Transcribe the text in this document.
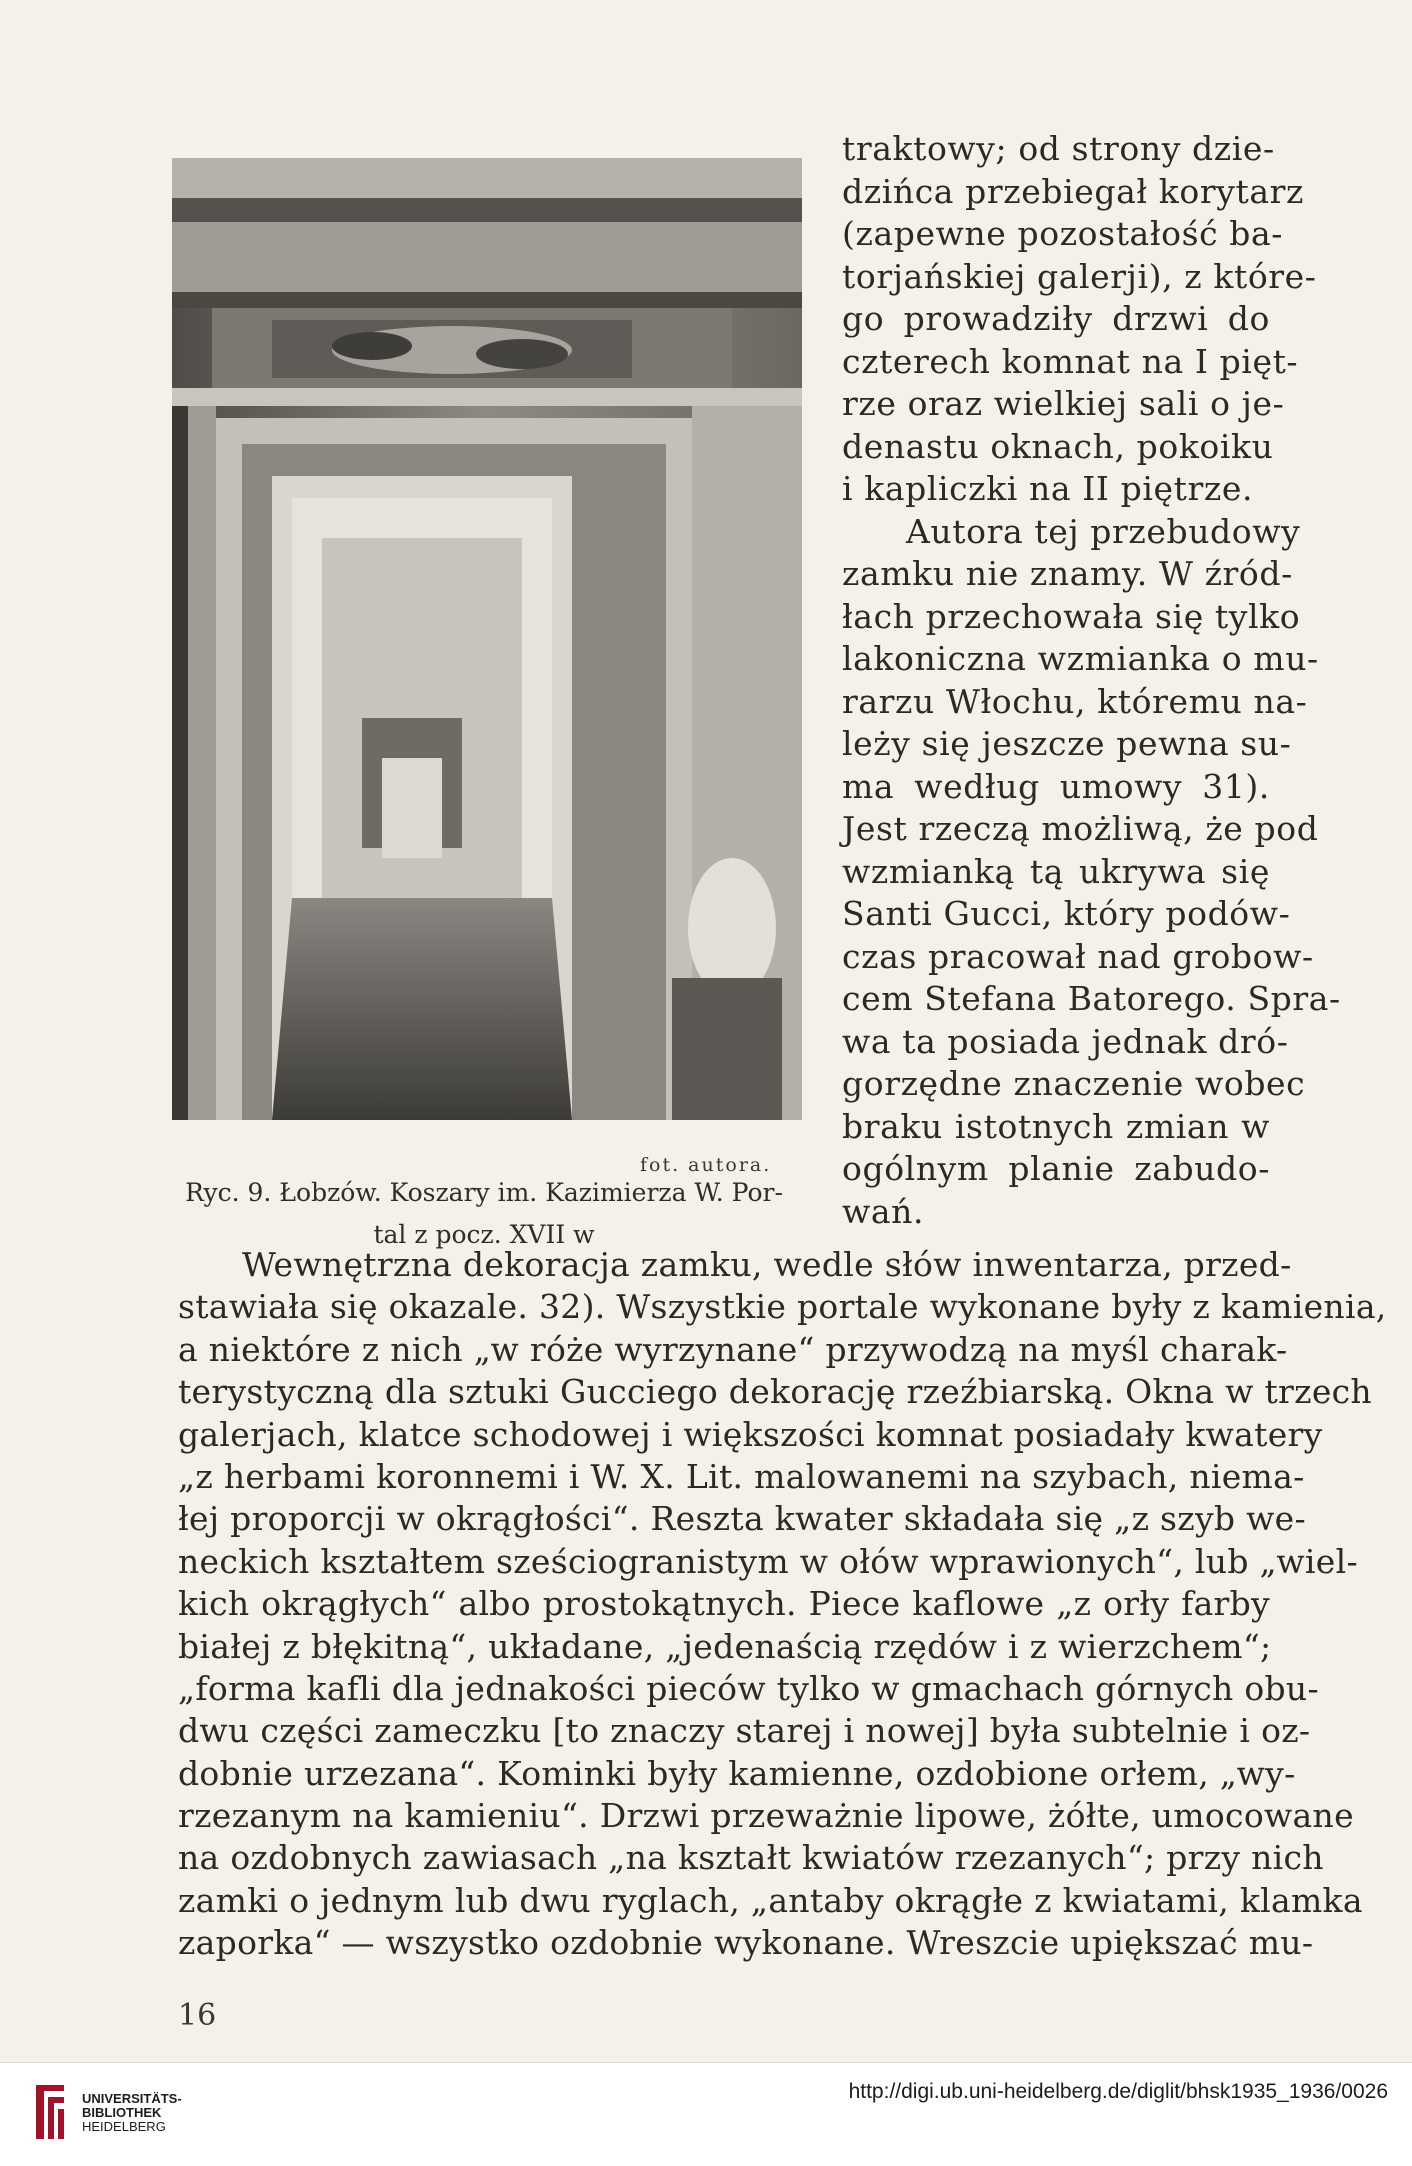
fot. autora.
Ryc. 9. Łobzów. Koszary im. Kazimierza W. Por-
tal z pocz. XVII w
traktowy; od strony dzie-
dzińca przebiegał korytarz
(zapewne pozostałość ba-
torjańskiej galerji), z które-
go prowadziły drzwi do
czterech komnat na I pięt-
rze oraz wielkiej sali o je-
denastu oknach, pokoiku
i kapliczki na II piętrze.
Autora tej przebudowy
zamku nie znamy. W źród-
łach przechowała się tylko
lakoniczna wzmianka o mu-
rarzu Włochu, któremu na-
leży się jeszcze pewna su-
ma według umowy 31).
Jest rzeczą możliwą, że pod
wzmianką tą ukrywa się
Santi Gucci, który podów-
czas pracował nad grobow-
cem Stefana Batorego. Spra-
wa ta posiada jednak dró-
gorzędne znaczenie wobec
braku istotnych zmian w
ogólnym planie zabudo-
wań.
Wewnętrzna dekoracja zamku, wedle słów inwentarza, przed-
stawiała się okazale. 32). Wszystkie portale wykonane były z kamienia,
a niektóre z nich „w róże wyrzynane“ przywodzą na myśl charak-
terystyczną dla sztuki Gucciego dekorację rzeźbiarską. Okna w trzech
galerjach, klatce schodowej i większości komnat posiadały kwatery
„z herbami koronnemi i W. X. Lit. malowanemi na szybach, niema-
łej proporcji w okrągłości“. Reszta kwater składała się „z szyb we-
neckich kształtem sześciogranistym w ołów wprawionych“, lub „wiel-
kich okrągłych“ albo prostokątnych. Piece kaflowe „z orły farby
białej z błękitną“, układane, „jedenaścią rzędów i z wierzchem“;
„forma kafli dla jednakości pieców tylko w gmachach górnych obu-
dwu części zameczku [to znaczy starej i nowej] była subtelnie i oz-
dobnie urzezana“. Kominki były kamienne, ozdobione orłem, „wy-
rzezanym na kamieniu“. Drzwi przeważnie lipowe, żółte, umocowane
na ozdobnych zawiasach „na kształt kwiatów rzezanych“; przy nich
zamki o jednym lub dwu ryglach, „antaby okrągłe z kwiatami, klamka
zaporka“ — wszystko ozdobnie wykonane. Wreszcie upiększać mu-
16
UNIVERSITÄTS-
BIBLIOTHEK
HEIDELBERG
http://digi.ub.uni-heidelberg.de/diglit/bhsk1935_1936/0026
